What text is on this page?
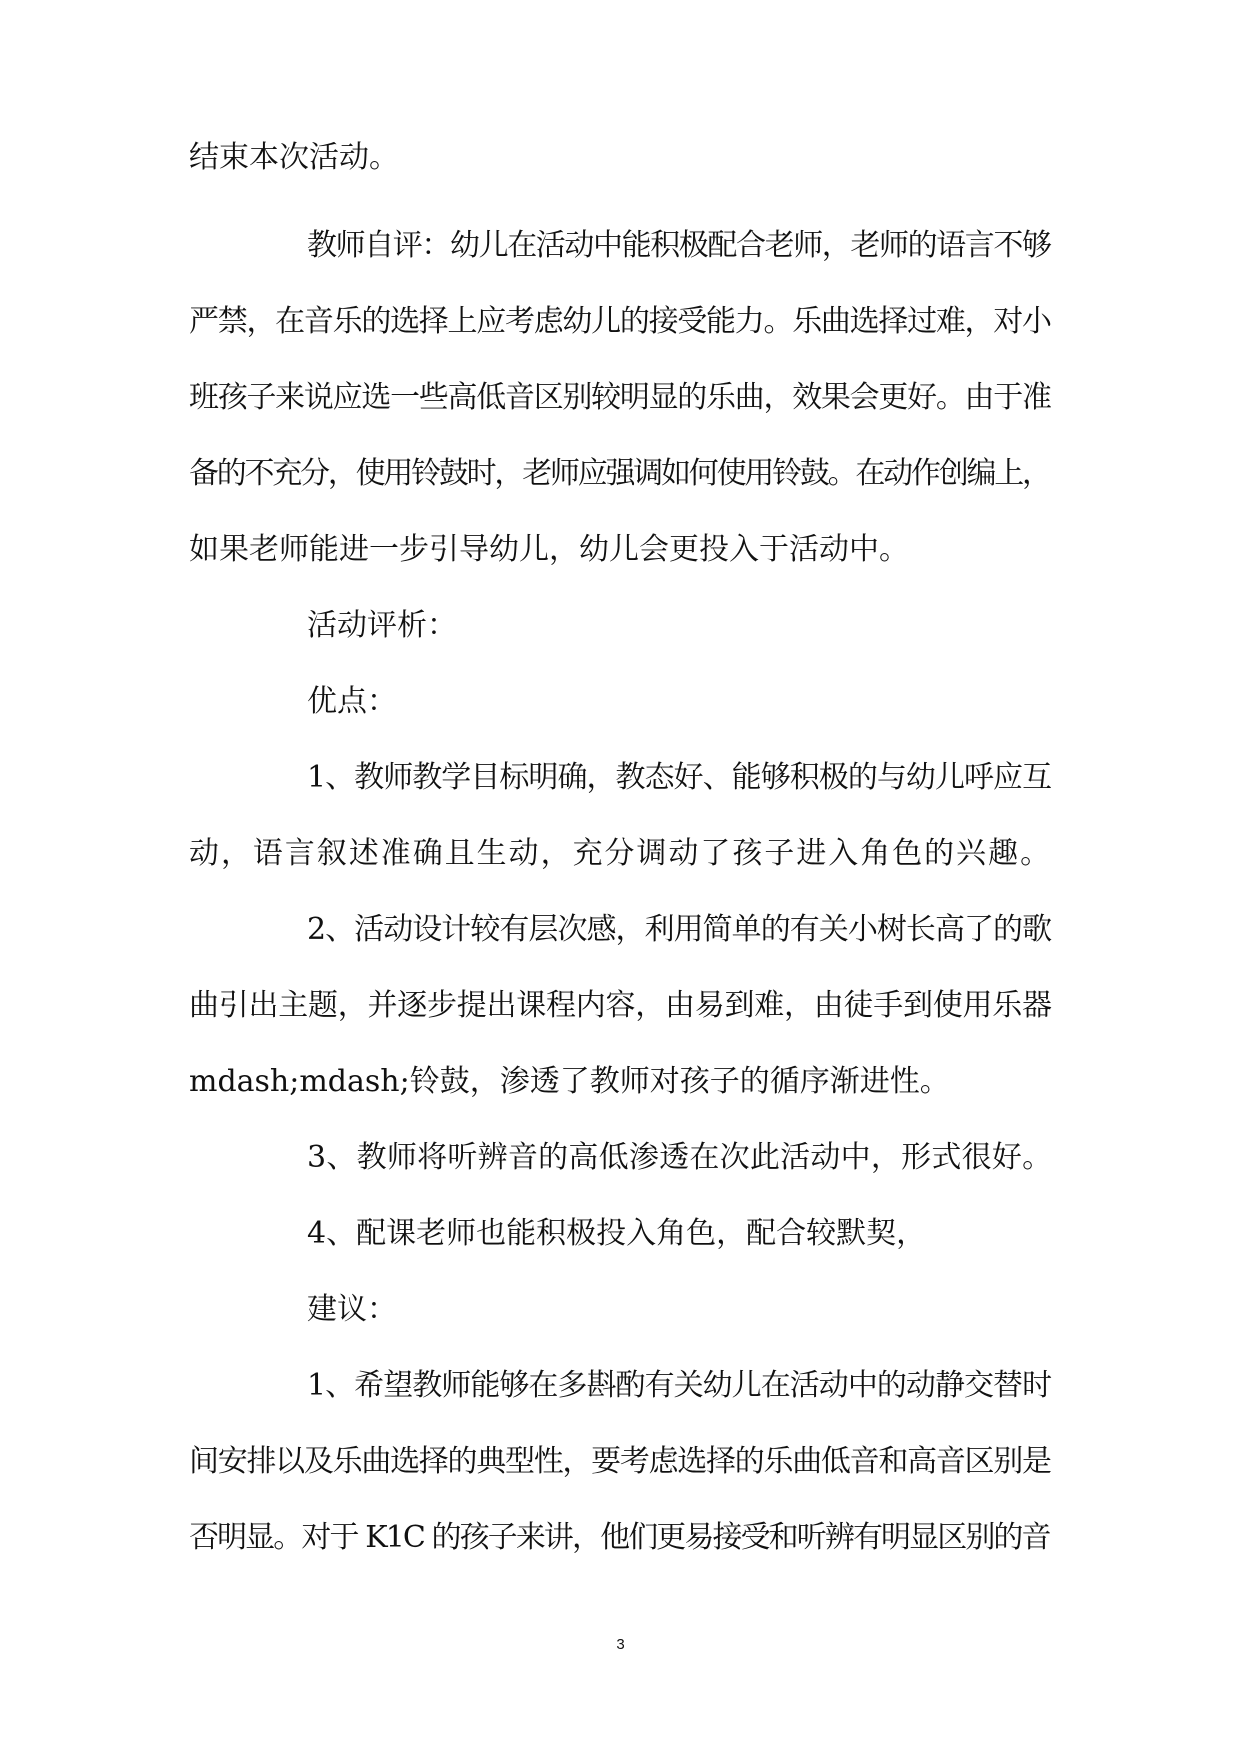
结束本次活动。
教师自评：幼儿在活动中能积极配合老师，老师的语言不够
严禁，在音乐的选择上应考虑幼儿的接受能力。乐曲选择过难，对小
班孩子来说应选一些高低音区别较明显的乐曲，效果会更好。由于准
备的不充分，使用铃鼓时，老师应强调如何使用铃鼓。在动作创编上，
如果老师能进一步引导幼儿，幼儿会更投入于活动中。
活动评析：
优点：
1、教师教学目标明确，教态好、能够积极的与幼儿呼应互
动，语言叙述准确且生动，充分调动了孩子进入角色的兴趣。
2、活动设计较有层次感，利用简单的有关小树长高了的歌
曲引出主题，并逐步提出课程内容，由易到难，由徒手到使用乐器
mdash;mdash;铃鼓，渗透了教师对孩子的循序渐进性。
3、教师将听辨音的高低渗透在次此活动中，形式很好。
4、配课老师也能积极投入角色，配合较默契，
建议：
1、希望教师能够在多斟酌有关幼儿在活动中的动静交替时
间安排以及乐曲选择的典型性，要考虑选择的乐曲低音和高音区别是
否明显。对于 K1C 的孩子来讲，他们更易接受和听辨有明显区别的音
3
